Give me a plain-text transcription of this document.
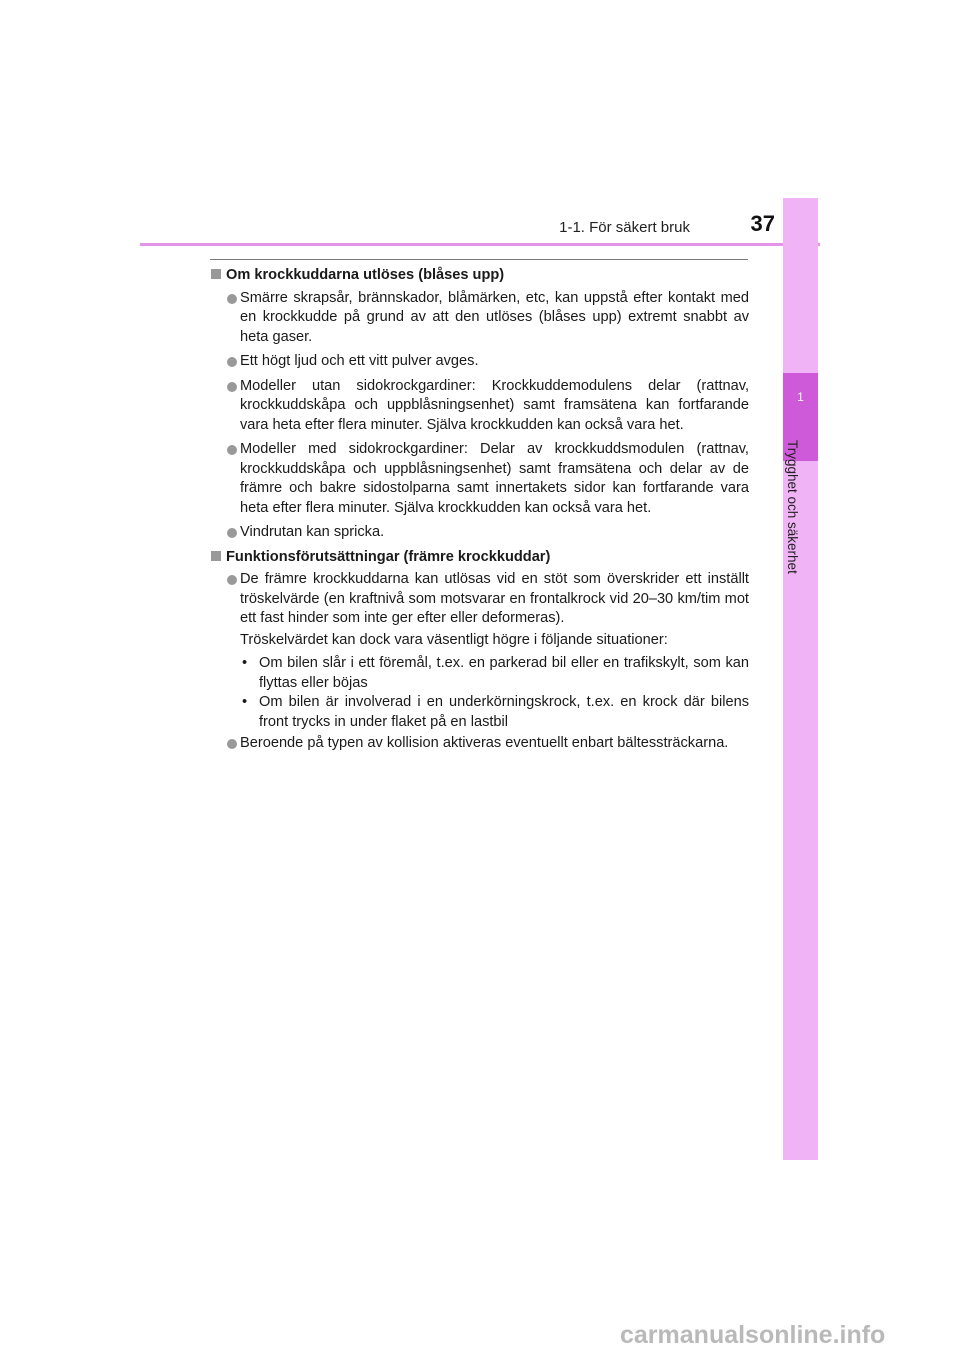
1-1. För säkert bruk	37
1
Trygghet och säkerhet
Om krockkuddarna utlöses (blåses upp)
Smärre skrapsår, brännskador, blåmärken, etc, kan uppstå efter kontakt med en krockkudde på grund av att den utlöses (blåses upp) extremt snabbt av heta gaser.
Ett högt ljud och ett vitt pulver avges.
Modeller utan sidokrockgardiner: Krockkuddemodulens delar (rattnav, krockkuddskåpa och uppblåsningsenhet) samt framsätena kan fortfarande vara heta efter flera minuter. Själva krockkudden kan också vara het.
Modeller med sidokrockgardiner: Delar av krockkuddsmodulen (rattnav, krockkuddskåpa och uppblåsningsenhet) samt framsätena och delar av de främre och bakre sidostolparna samt innertakets sidor kan fortfarande vara heta efter flera minuter. Själva krockkudden kan också vara het.
Vindrutan kan spricka.
Funktionsförutsättningar (främre krockkuddar)
De främre krockkuddarna kan utlösas vid en stöt som överskrider ett inställt tröskelvärde (en kraftnivå som motsvarar en frontalkrock vid 20–30 km/tim mot ett fast hinder som inte ger efter eller deformeras).
Tröskelvärdet kan dock vara väsentligt högre i följande situationer:
• Om bilen slår i ett föremål, t.ex. en parkerad bil eller en trafikskylt, som kan flyttas eller böjas
• Om bilen är involverad i en underkörningskrock, t.ex. en krock där bilens front trycks in under flaket på en lastbil
Beroende på typen av kollision aktiveras eventuellt enbart bältessträckarna.
carmanualsonline.info
